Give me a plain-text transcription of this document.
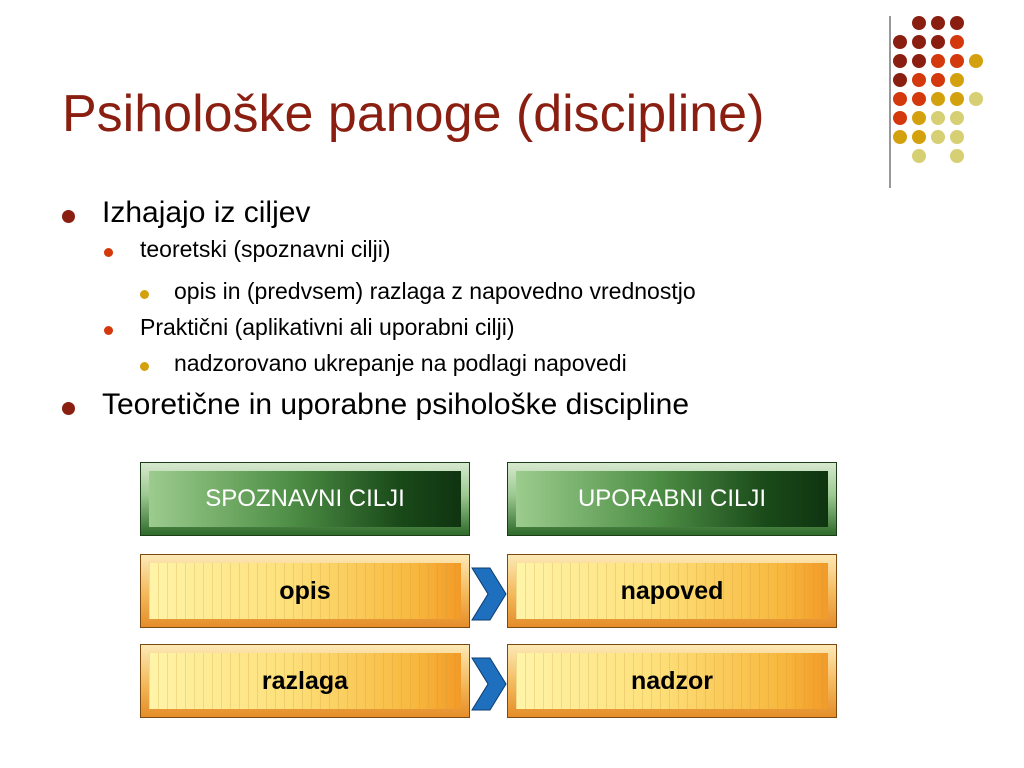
Psihološke panoge (discipline)
Izhajajo iz ciljev
teoretski (spoznavni cilji)
opis in (predvsem) razlaga z napovedno vrednostjo
Praktični (aplikativni ali uporabni cilji)
nadzorovano ukrepanje na podlagi napovedi
Teoretične in uporabne psihološke discipline
SPOZNAVNI CILJI	UPORABNI CILJI
opis	napoved
razlaga	nadzor
